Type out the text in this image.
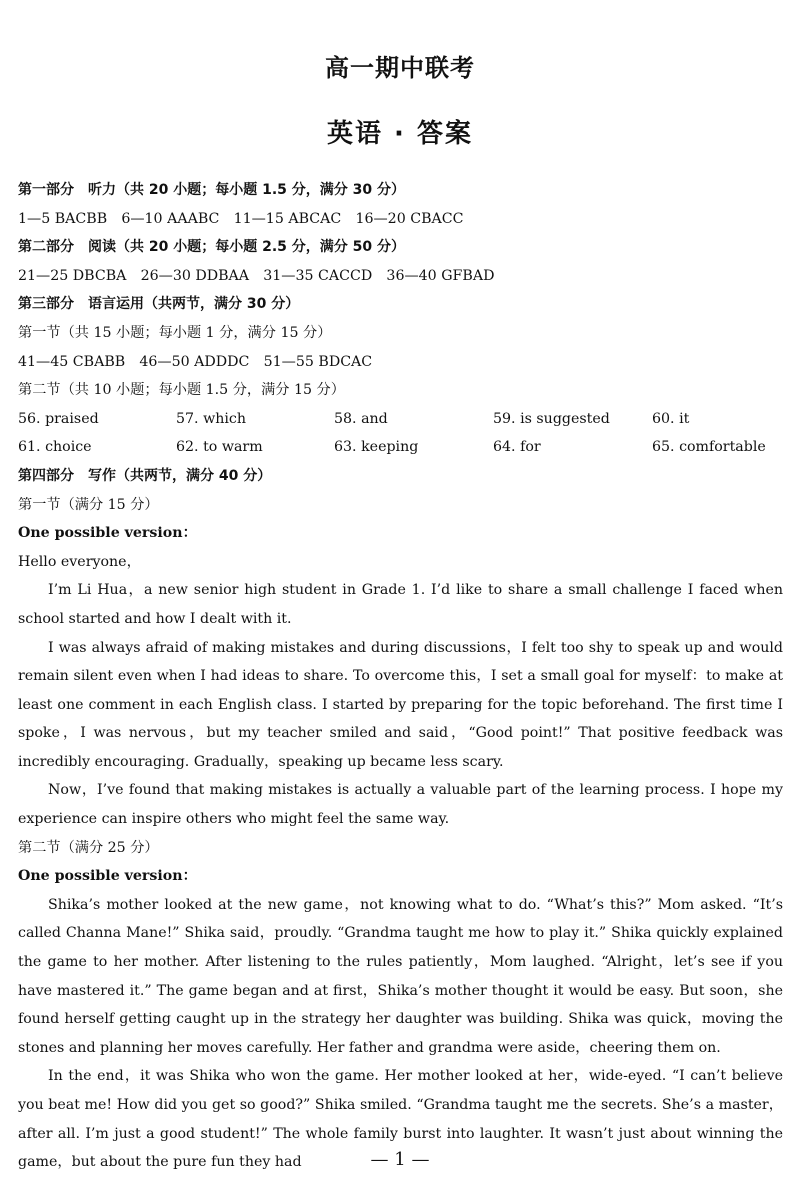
高一期中联考
英语 · 答案
第一部分　听力（共 20 小题；每小题 1.5 分，满分 30 分）
1—5 BACBB　6—10 AAABC　11—15 ABCAC　16—20 CBACC
第二部分　阅读（共 20 小题；每小题 2.5 分，满分 50 分）
21—25 DBCBA　26—30 DDBAA　31—35 CACCD　36—40 GFBAD
第三部分　语言运用（共两节，满分 30 分）
第一节（共 15 小题；每小题 1 分，满分 15 分）
41—45 CBABB　46—50 ADDDC　51—55 BDCAC
第二节（共 10 小题；每小题 1.5 分，满分 15 分）
56. praised	57. which	58. and	59. is suggested	60. it
61. choice	62. to warm	63. keeping	64. for	65. comfortable
第四部分　写作（共两节，满分 40 分）
第一节（满分 15 分）
One possible version：
Hello everyone，

I’m Li Hua，a new senior high student in Grade 1. I’d like to share a small challenge I faced when school started and how I dealt with it.

I was always afraid of making mistakes and during discussions，I felt too shy to speak up and would remain silent even when I had ideas to share. To overcome this，I set a small goal for myself：to make at least one comment in each English class. I started by preparing for the topic beforehand. The first time I spoke，I was nervous，but my teacher smiled and said，“Good point!” That positive feedback was incredibly encouraging. Gradually，speaking up became less scary.

Now，I’ve found that making mistakes is actually a valuable part of the learning process. I hope my experience can inspire others who might feel the same way.

第二节（满分 25 分）
One possible version：

Shika’s mother looked at the new game，not knowing what to do. “What’s this?” Mom asked. “It’s called Channa Mane!” Shika said，proudly. “Grandma taught me how to play it.” Shika quickly explained the game to her mother. After listening to the rules patiently，Mom laughed. “Alright，let’s see if you have mastered it.” The game began and at first，Shika’s mother thought it would be easy. But soon，she found herself getting caught up in the strategy her daughter was building. Shika was quick，moving the stones and planning her moves carefully. Her father and grandma were aside，cheering them on.

In the end，it was Shika who won the game. Her mother looked at her，wide-eyed. “I can’t believe you beat me! How did you get so good?” Shika smiled. “Grandma taught me the secrets. She’s a master，after all. I’m just a good student!” The whole family burst into laughter. It wasn’t just about winning the game，but about the pure fun they had	— 1 —
